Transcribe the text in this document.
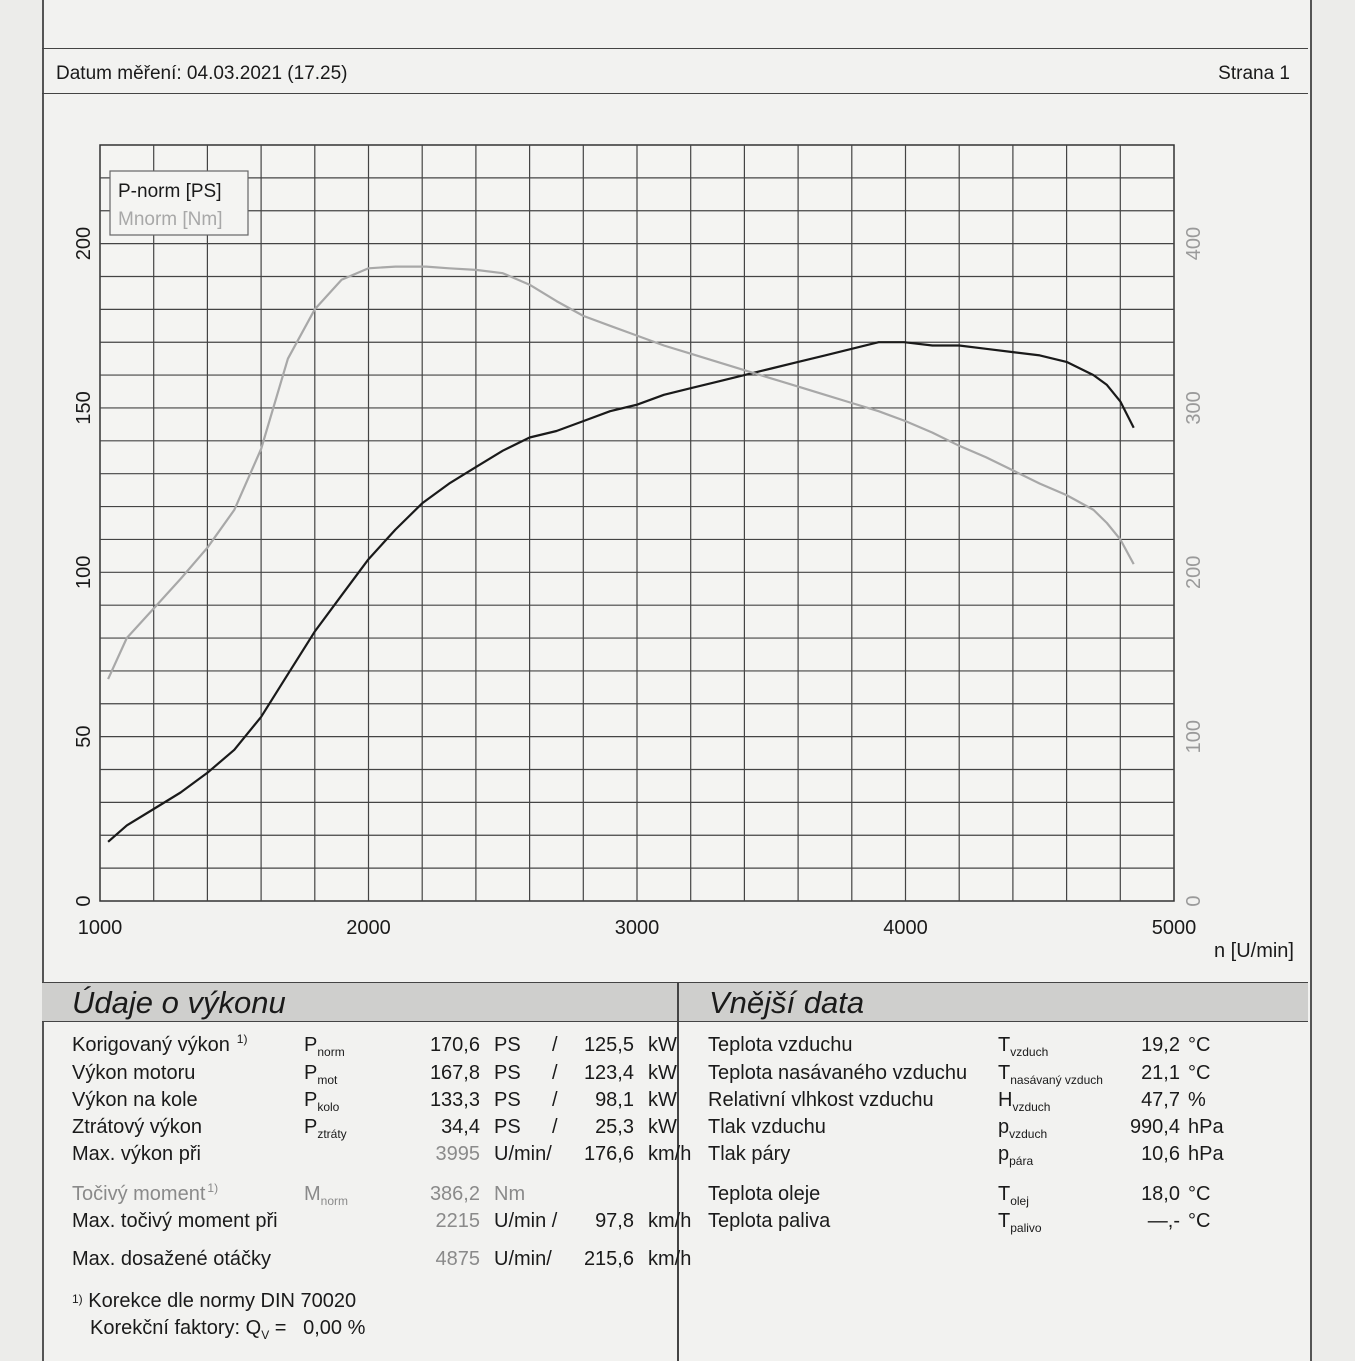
Datum měření: 04.03.2021 (17.25)	Strana 1
1000	2000	3000	4000	5000
n [U/min]
0
50
100
150
200
0
100
200
300
400
P-norm [PS]
Mnorm [Nm]
Údaje o výkonu
Korigovaný výkon 1)	$P_{norm}$	170,6 PS /	125,5 kW
Výkon motoru	$P_{mot}$	167,8 PS /	123,4 kW
Výkon na kole	$P_{kolo}$	133,3 PS /	98,1 kW
Ztrátový výkon	$P_{ztráty}$	34,4 PS /	25,3 kW
Max. výkon při	3995 U/min/	176,6 km/h
Točivý moment 1)	$M_{norm}$	386,2 Nm
Max. točivý moment při	2215 U/min /	97,8 km/h
Max. dosažené otáčky	4875 U/min/	215,6 km/h
$^{1)}$ Korekce dle normy DIN 70020
Korekční faktory: $Q_V = 0,00$ %
Vnější data
Teplota vzduchu	$T_{vzduch}$	19,2 °C
Teplota nasávaného vzduchu $T_{nasávaný vzduch}$	21,1 °C
Relativní vlhkost vzduchu	$H_{vzduch}$	47,7 %
Tlak vzduchu	$p_{vzduch}$	990,4 hPa
Tlak páry	$p_{pára}$	10,6 hPa
Teplota oleje	$T_{olej}$	18,0 °C
Teplota paliva	$T_{palivo}$	—,- °C
